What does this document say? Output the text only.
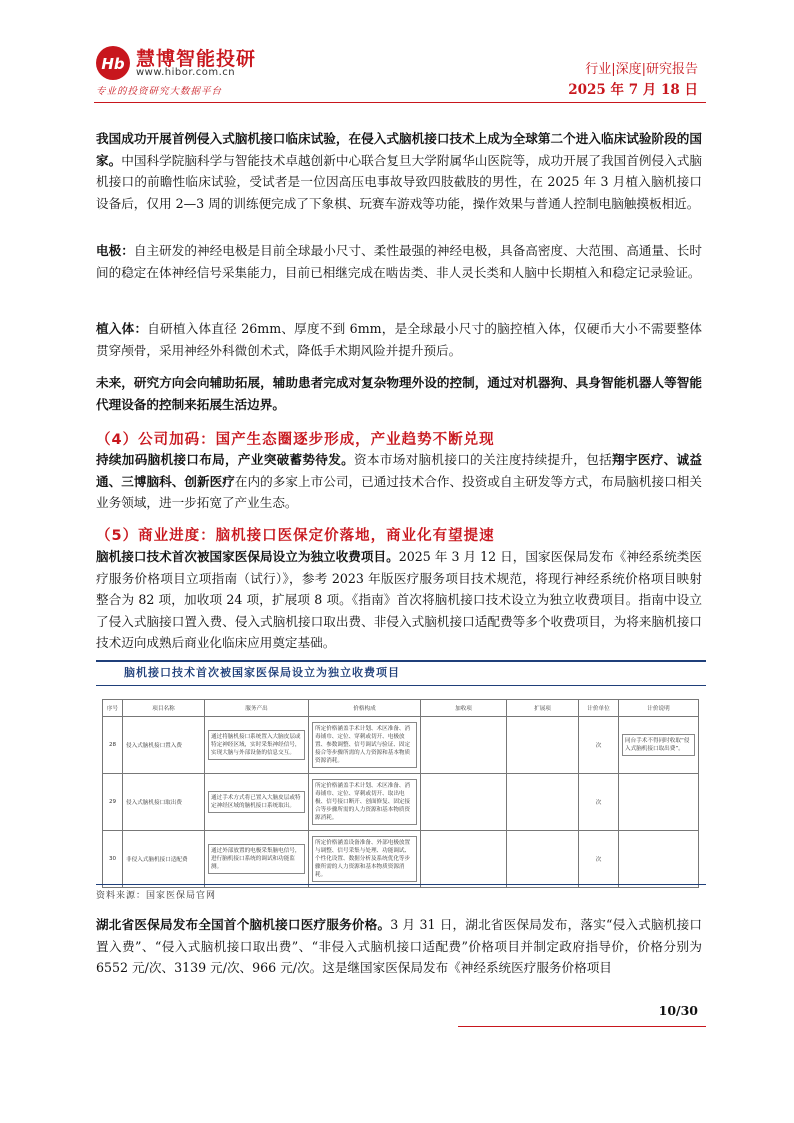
Hb 慧博智能投研
www.hibor.com.cn
专业的投资研究大数据平台
行业|深度|研究报告
2025 年 7 月 18 日
我国成功开展首例侵入式脑机接口临床试验，在侵入式脑机接口技术上成为全球第二个进入临床试验阶段的国家。中国科学院脑科学与智能技术卓越创新中心联合复旦大学附属华山医院等，成功开展了我国首例侵入式脑机接口的前瞻性临床试验，受试者是一位因高压电事故导致四肢截肢的男性，在 2025 年 3 月植入脑机接口设备后，仅用 2—3 周的训练便完成了下象棋、玩赛车游戏等功能，操作效果与普通人控制电脑触摸板相近。
电极：自主研发的神经电极是目前全球最小尺寸、柔性最强的神经电极，具备高密度、大范围、高通量、长时间的稳定在体神经信号采集能力，目前已相继完成在啮齿类、非人灵长类和人脑中长期植入和稳定记录验证。
植入体：自研植入体直径 26mm、厚度不到 6mm，是全球最小尺寸的脑控植入体，仅硬币大小不需要整体贯穿颅骨，采用神经外科微创术式，降低手术期风险并提升预后。
未来，研究方向会向辅助拓展，辅助患者完成对复杂物理外设的控制，通过对机器狗、具身智能机器人等智能代理设备的控制来拓展生活边界。
（4）公司加码：国产生态圈逐步形成，产业趋势不断兑现
持续加码脑机接口布局，产业突破蓄势待发。资本市场对脑机接口的关注度持续提升，包括翔宇医疗、诚益通、三博脑科、创新医疗在内的多家上市公司，已通过技术合作、投资或自主研发等方式，布局脑机接口相关业务领域，进一步拓宽了产业生态。
（5）商业进度：脑机接口医保定价落地，商业化有望提速
脑机接口技术首次被国家医保局设立为独立收费项目。2025 年 3 月 12 日，国家医保局发布《神经系统类医疗服务价格项目立项指南（试行）》，参考 2023 年版医疗服务项目技术规范，将现行神经系统价格项目映射整合为 82 项，加收项 24 项，扩展项 8 项。《指南》首次将脑机接口技术设立为独立收费项目。指南中设立了侵入式脑接口置入费、侵入式脑机接口取出费、非侵入式脑机接口适配费等多个收费项目，为将来脑机接口技术迈向成熟后商业化临床应用奠定基础。
脑机接口技术首次被国家医保局设立为独立收费项目
序号	项目名称	服务产出	价格构成	加收项	扩展项	计价单位	计价说明
28	侵入式脑机接口置入费	通过将脑机接口系统置入大脑皮层或特定神经区域，实时采集神经信号，实现大脑与外部设备的信息交互。	所定价格涵盖手术计划、术区准备、消毒铺巾、定位、穿刺或切开、电极放置、参数调整、信号调试与验证、固定接合等步骤所需的人力资源和基本物质资源消耗。			次	同台手术不得同时收取“侵入式脑机接口取出费”。

29	侵入式脑机接口取出费	通过手术方式将已置入大脑皮层或特定神经区域的脑机接口系统取出。	所定价格涵盖手术计划、术区准备、消毒铺巾、定位、穿刺或切开、取出电极、信号接口断开、创面修复、固定接合等步骤所需的人力资源和基本物质资源消耗。			次	
30	非侵入式脑机接口适配费	通过外部放置的电极采集脑电信号，进行脑机接口系统的调试和功能监测。	所定价格涵盖设备准备、外部电极放置与调整、信号采集与处理、功能调试、个性化设置、数据分析及系统优化等步骤所需的人力资源和基本物质资源消耗。			次	
资料来源：国家医保局官网
湖北省医保局发布全国首个脑机接口医疗服务价格。3 月 31 日，湖北省医保局发布，落实“侵入式脑机接口置入费”、“侵入式脑机接口取出费”、“非侵入式脑机接口适配费”价格项目并制定政府指导价，价格分别为 6552 元/次、3139 元/次、966 元/次。这是继国家医保局发布《神经系统医疗服务价格项目
10/30
